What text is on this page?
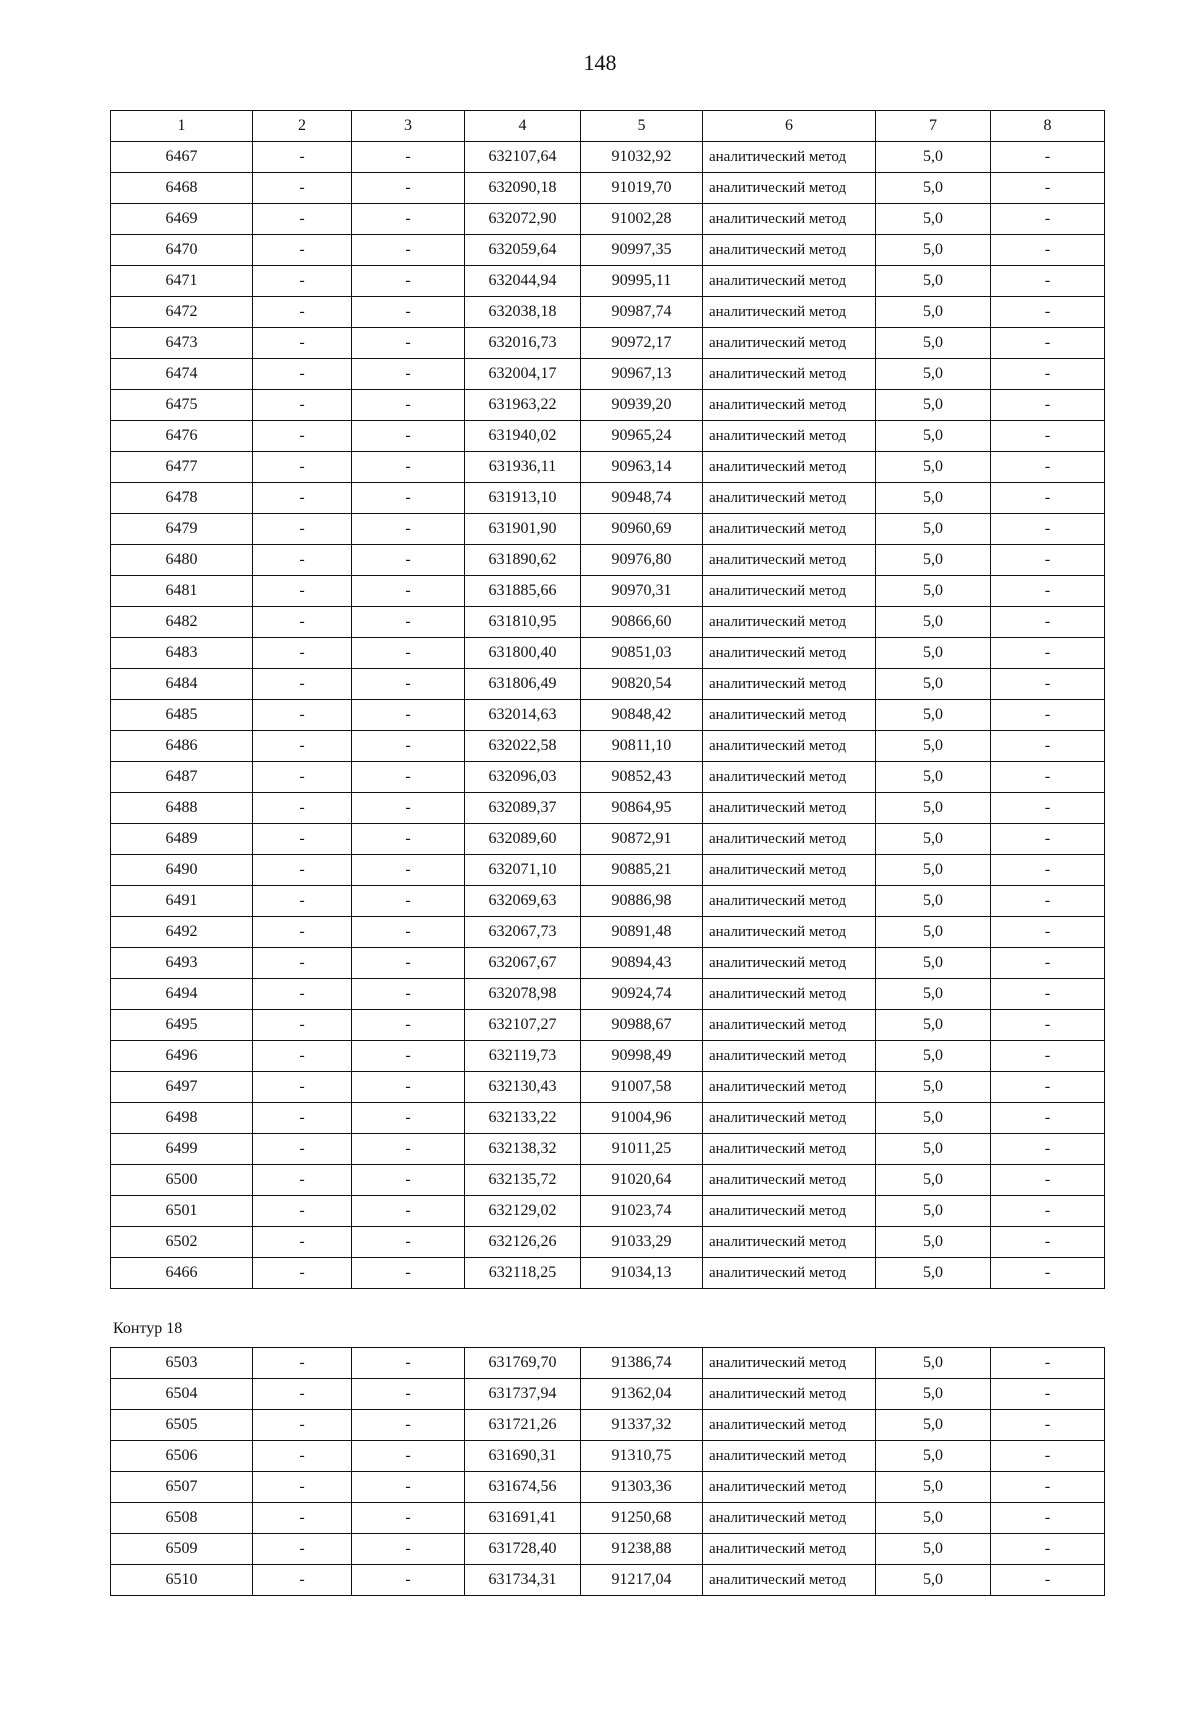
148
1	2	3	4	5	6	7	8
6467	-	-	632107,64	91032,92	аналитический метод	5,0	-
6468	-	-	632090,18	91019,70	аналитический метод	5,0	-
6469	-	-	632072,90	91002,28	аналитический метод	5,0	-
6470	-	-	632059,64	90997,35	аналитический метод	5,0	-
6471	-	-	632044,94	90995,11	аналитический метод	5,0	-
6472	-	-	632038,18	90987,74	аналитический метод	5,0	-
6473	-	-	632016,73	90972,17	аналитический метод	5,0	-
6474	-	-	632004,17	90967,13	аналитический метод	5,0	-
6475	-	-	631963,22	90939,20	аналитический метод	5,0	-
6476	-	-	631940,02	90965,24	аналитический метод	5,0	-
6477	-	-	631936,11	90963,14	аналитический метод	5,0	-
6478	-	-	631913,10	90948,74	аналитический метод	5,0	-
6479	-	-	631901,90	90960,69	аналитический метод	5,0	-
6480	-	-	631890,62	90976,80	аналитический метод	5,0	-
6481	-	-	631885,66	90970,31	аналитический метод	5,0	-
6482	-	-	631810,95	90866,60	аналитический метод	5,0	-
6483	-	-	631800,40	90851,03	аналитический метод	5,0	-
6484	-	-	631806,49	90820,54	аналитический метод	5,0	-
6485	-	-	632014,63	90848,42	аналитический метод	5,0	-
6486	-	-	632022,58	90811,10	аналитический метод	5,0	-
6487	-	-	632096,03	90852,43	аналитический метод	5,0	-
6488	-	-	632089,37	90864,95	аналитический метод	5,0	-
6489	-	-	632089,60	90872,91	аналитический метод	5,0	-
6490	-	-	632071,10	90885,21	аналитический метод	5,0	-
6491	-	-	632069,63	90886,98	аналитический метод	5,0	-
6492	-	-	632067,73	90891,48	аналитический метод	5,0	-
6493	-	-	632067,67	90894,43	аналитический метод	5,0	-
6494	-	-	632078,98	90924,74	аналитический метод	5,0	-
6495	-	-	632107,27	90988,67	аналитический метод	5,0	-
6496	-	-	632119,73	90998,49	аналитический метод	5,0	-
6497	-	-	632130,43	91007,58	аналитический метод	5,0	-
6498	-	-	632133,22	91004,96	аналитический метод	5,0	-
6499	-	-	632138,32	91011,25	аналитический метод	5,0	-
6500	-	-	632135,72	91020,64	аналитический метод	5,0	-
6501	-	-	632129,02	91023,74	аналитический метод	5,0	-
6502	-	-	632126,26	91033,29	аналитический метод	5,0	-
6466	-	-	632118,25	91034,13	аналитический метод	5,0	-
Контур 18
6503	-	-	631769,70	91386,74	аналитический метод	5,0	-
6504	-	-	631737,94	91362,04	аналитический метод	5,0	-
6505	-	-	631721,26	91337,32	аналитический метод	5,0	-
6506	-	-	631690,31	91310,75	аналитический метод	5,0	-
6507	-	-	631674,56	91303,36	аналитический метод	5,0	-
6508	-	-	631691,41	91250,68	аналитический метод	5,0	-
6509	-	-	631728,40	91238,88	аналитический метод	5,0	-
6510	-	-	631734,31	91217,04	аналитический метод	5,0	-
